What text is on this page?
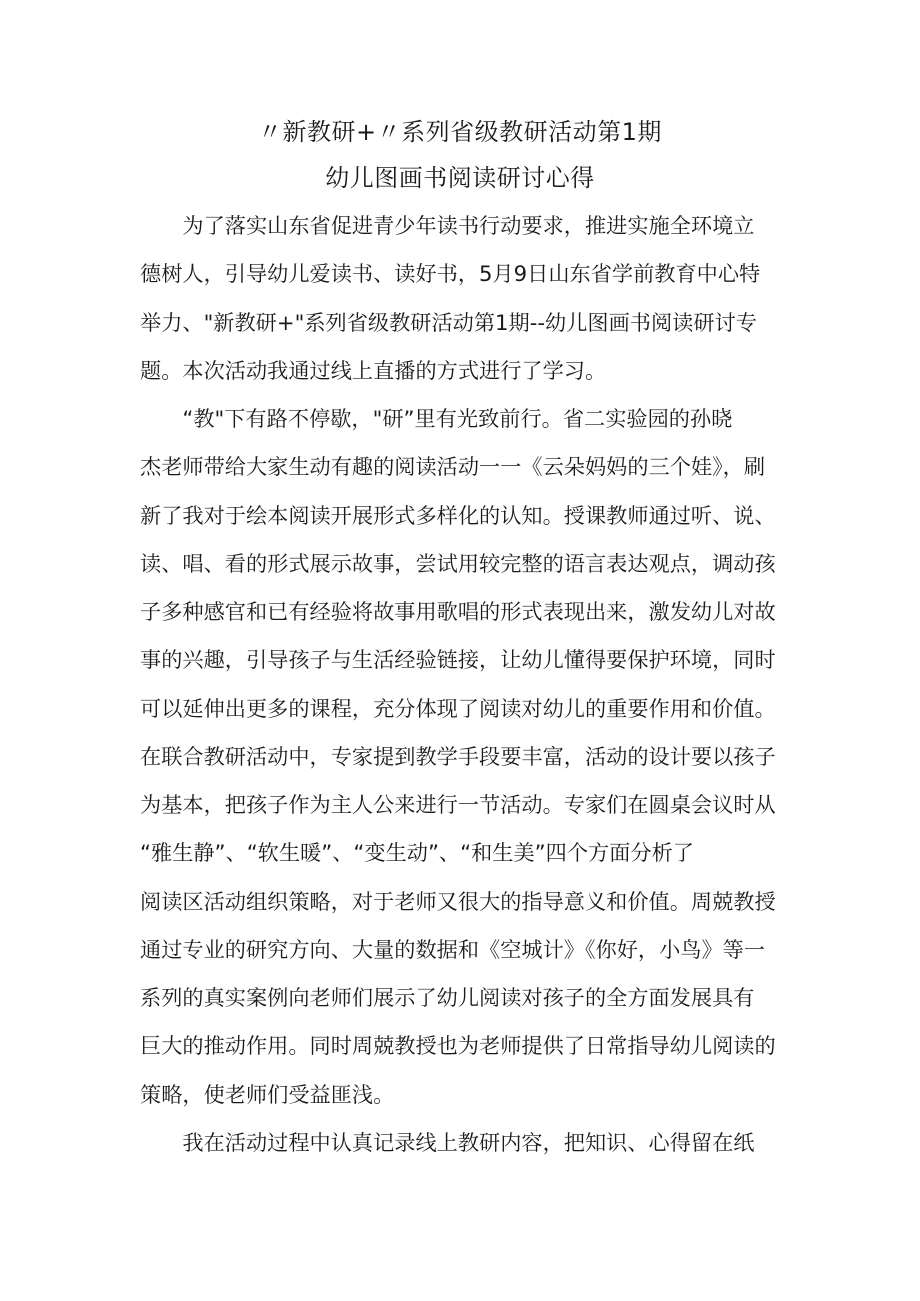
〃新教研+〃系列省级教研活动第1期
幼儿图画书阅读研讨心得
　　为了落实山东省促进青少年读书行动要求，推进实施全环境立
德树人，引导幼儿爱读书、读好书，5月9日山东省学前教育中心特
举力、"新教研+"系列省级教研活动第1期--幼儿图画书阅读研讨专
题。本次活动我通过线上直播的方式进行了学习。
　　“教"下有路不停歇，"研”里有光致前行。省二实验园的孙晓
杰老师带给大家生动有趣的阅读活动一一《云朵妈妈的三个娃》，刷
新了我对于绘本阅读开展形式多样化的认知。授课教师通过听、说、
读、唱、看的形式展示故事，尝试用较完整的语言表达观点，调动孩
子多种感官和已有经验将故事用歌唱的形式表现出来，激发幼儿对故
事的兴趣，引导孩子与生活经验链接，让幼儿懂得要保护环境，同时
可以延伸出更多的课程，充分体现了阅读对幼儿的重要作用和价值。
在联合教研活动中，专家提到教学手段要丰富，活动的设计要以孩子
为基本，把孩子作为主人公来进行一节活动。专家们在圆桌会议时从
“雅生静”、“软生暖”、“变生动”、“和生美”四个方面分析了
阅读区活动组织策略，对于老师又很大的指导意义和价值。周兢教授
通过专业的研究方向、大量的数据和《空城计》《你好，小鸟》等一
系列的真实案例向老师们展示了幼儿阅读对孩子的全方面发展具有
巨大的推动作用。同时周兢教授也为老师提供了日常指导幼儿阅读的
策略，使老师们受益匪浅。
　　我在活动过程中认真记录线上教研内容，把知识、心得留在纸
